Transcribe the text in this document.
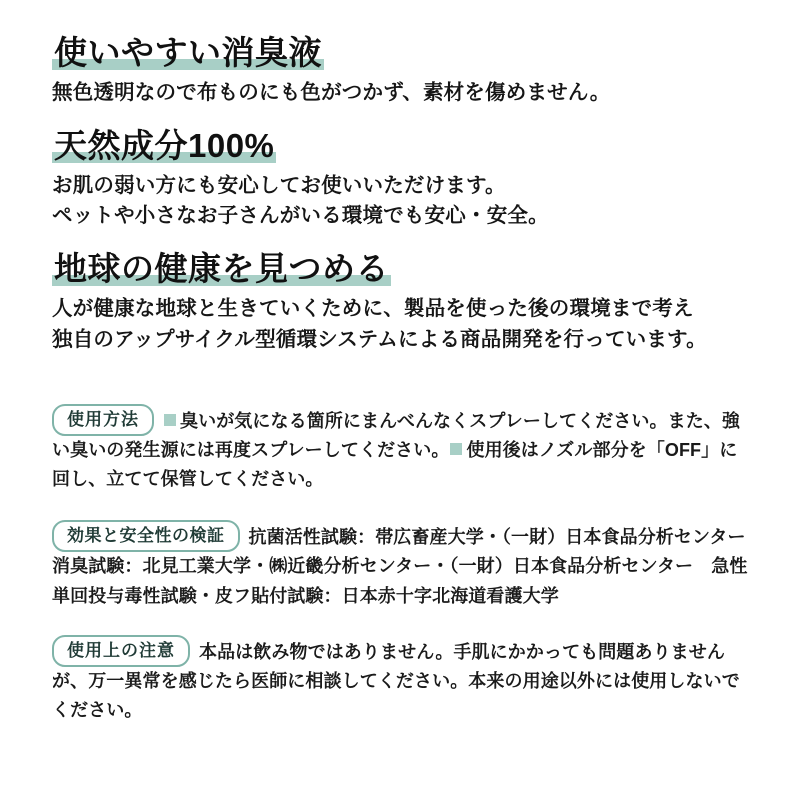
使いやすい消臭液

無色透明なので布ものにも色がつかず、素材を傷めません。

天然成分100%

お肌の弱い方にも安心してお使いいただけます。

ペットや小さなお子さんがいる環境でも安心・安全。

地球の健康を見つめる

人が健康な地球と生きていくために、製品を使った後の環境まで考え

独自のアップサイクル型循環システムによる商品開発を行っています。

使用方法 臭いが気になる箇所にまんべんなくスプレーしてください。また、強い臭いの発生源には再度スプレーしてください。 使用後はノズル部分を「OFF」に回し、立てて保管してください。
効果と安全性の検証 抗菌活性試験：帯広畜産大学・（一財）日本食品分析センター　消臭試験：北見工業大学・㈱近畿分析センター・（一財）日本食品分析センター　急性単回投与毒性試験・皮フ貼付試験：日本赤十字北海道看護大学
使用上の注意 本品は飲み物ではありません。手肌にかかっても問題ありませんが、万一異常を感じたら医師に相談してください。本来の用途以外には使用しないでください。
